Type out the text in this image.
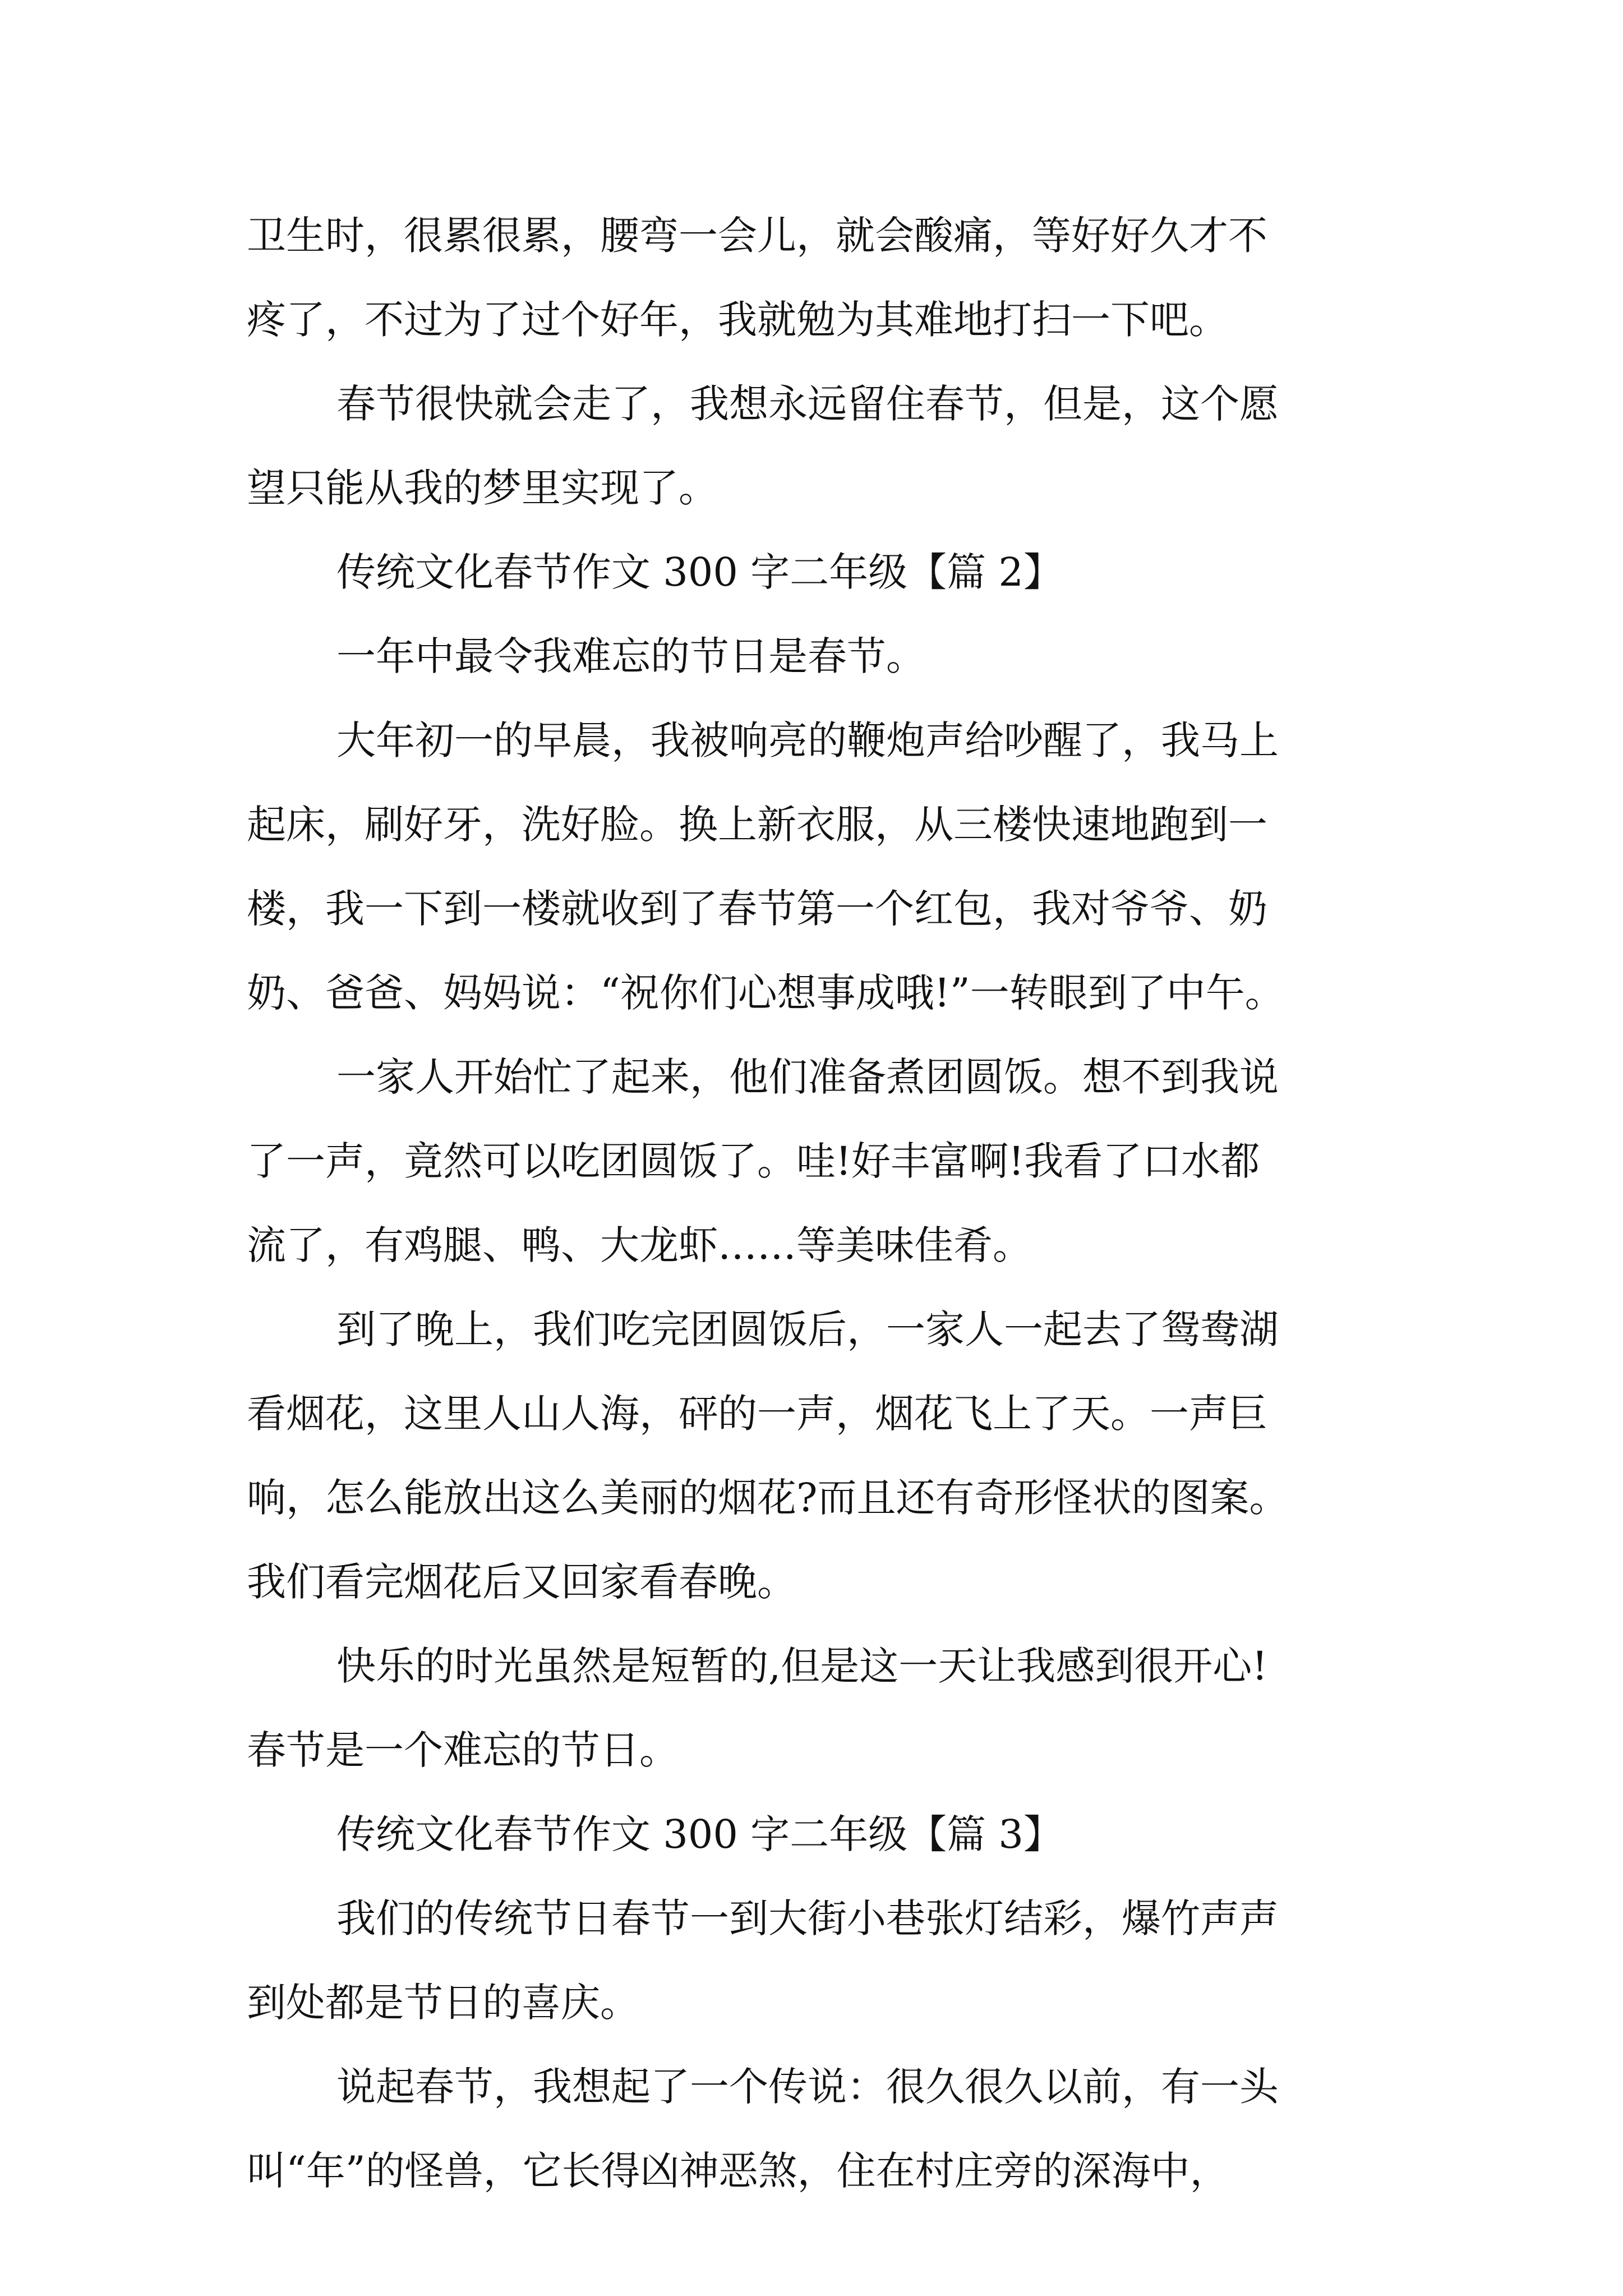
卫生时，很累很累，腰弯一会儿，就会酸痛，等好好久才不
疼了，不过为了过个好年，我就勉为其难地打扫一下吧。
春节很快就会走了，我想永远留住春节，但是，这个愿
望只能从我的梦里实现了。
传统文化春节作文 300 字二年级【篇 2】
一年中最令我难忘的节日是春节。
大年初一的早晨，我被响亮的鞭炮声给吵醒了，我马上
起床，刷好牙，洗好脸。换上新衣服，从三楼快速地跑到一
楼，我一下到一楼就收到了春节第一个红包，我对爷爷、奶
奶、爸爸、妈妈说：“祝你们心想事成哦!”一转眼到了中午。
一家人开始忙了起来，他们准备煮团圆饭。想不到我说
了一声，竟然可以吃团圆饭了。哇!好丰富啊!我看了口水都
流了，有鸡腿、鸭、大龙虾……等美味佳肴。
到了晚上，我们吃完团圆饭后，一家人一起去了鸳鸯湖
看烟花，这里人山人海，砰的一声，烟花飞上了天。一声巨
响，怎么能放出这么美丽的烟花?而且还有奇形怪状的图案。
我们看完烟花后又回家看春晚。
快乐的时光虽然是短暂的,但是这一天让我感到很开心!
春节是一个难忘的节日。
传统文化春节作文 300 字二年级【篇 3】
我们的传统节日春节一到大街小巷张灯结彩，爆竹声声
到处都是节日的喜庆。
说起春节，我想起了一个传说：很久很久以前，有一头
叫“年”的怪兽，它长得凶神恶煞，住在村庄旁的深海中，
